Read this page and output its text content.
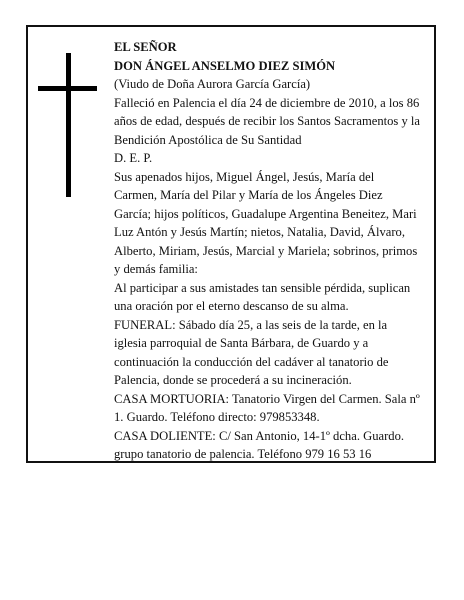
EL SEÑOR
DON ÁNGEL ANSELMO DIEZ SIMÓN
(Viudo de Doña Aurora García García)
Falleció en Palencia el día 24 de diciembre de 2010, a los 86 años de edad, después de recibir los Santos Sacramentos y la Bendición Apostólica de Su Santidad
D. E. P.
Sus apenados hijos, Miguel Ángel, Jesús, María del Carmen, María del Pilar y María de los Ángeles Diez García; hijos políticos, Guadalupe Argentina Beneitez, Mari Luz Antón y Jesús Martín; nietos, Natalia, David, Álvaro, Alberto, Miriam, Jesús, Marcial y Mariela; sobrinos, primos y demás familia:
Al participar a sus amistades tan sensible pérdida, suplican una oración por el eterno descanso de su alma.
FUNERAL: Sábado día 25, a las seis de la tarde, en la iglesia parroquial de Santa Bárbara, de Guardo y a continuación la conducción del cadáver al tanatorio de Palencia, donde se procederá a su incineración.
CASA MORTUORIA: Tanatorio Virgen del Carmen. Sala nº 1. Guardo. Teléfono directo: 979853348.
CASA DOLIENTE: C/ San Antonio, 14-1º dcha. Guardo.
grupo tanatorio de palencia. Teléfono 979 16 53 16
